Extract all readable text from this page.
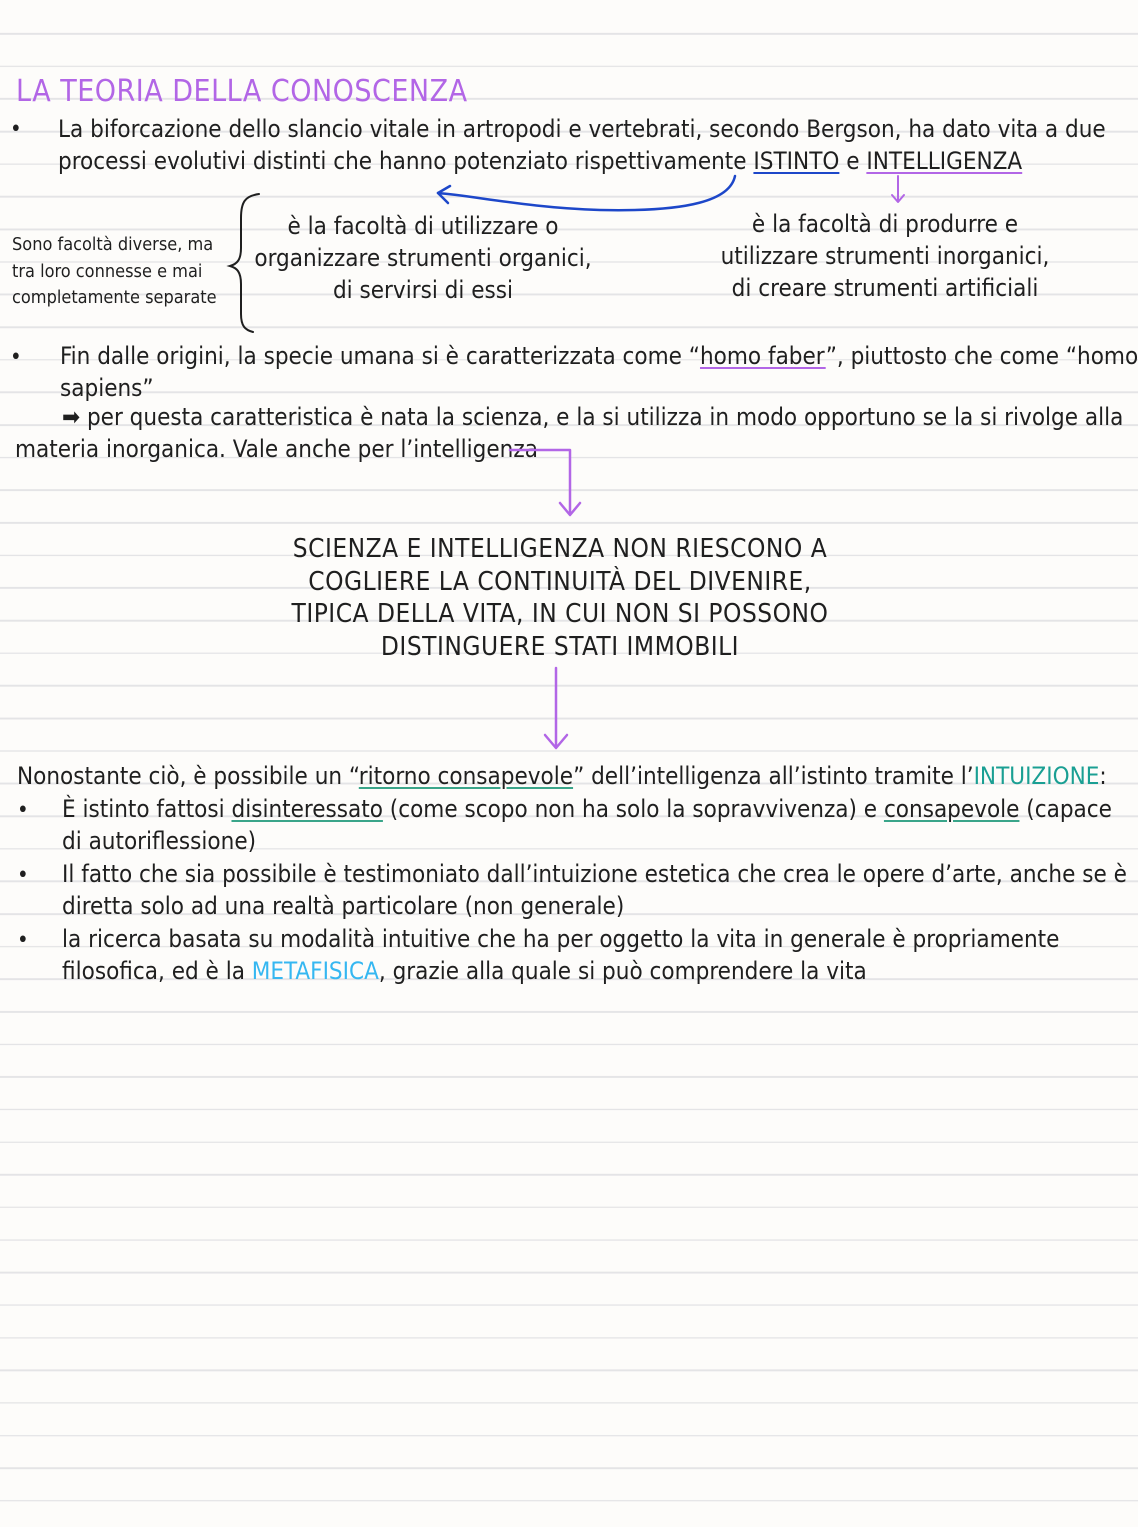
LA TEORIA DELLA CONOSCENZA
• La biforcazione dello slancio vitale in artropodi e vertebrati, secondo Bergson, ha dato vita a due
processi evolutivi distinti che hanno potenziato rispettivamente ISTINTO e INTELLIGENZA
Sono facoltà diverse, ma
tra loro connesse e mai
completamente separate
è la facoltà di utilizzare o
organizzare strumenti organici,
di servirsi di essi
è la facoltà di produrre e
utilizzare strumenti inorganici,
di creare strumenti artificiali
• Fin dalle origini, la specie umana si è caratterizzata come “homo faber”, piuttosto che come “homo
sapiens”
➡ per questa caratteristica è nata la scienza, e la si utilizza in modo opportuno se la si rivolge alla
materia inorganica. Vale anche per l’intelligenza
SCIENZA E INTELLIGENZA NON RIESCONO A
COGLIERE LA CONTINUITÀ DEL DIVENIRE,
TIPICA DELLA VITA, IN CUI NON SI POSSONO
DISTINGUERE STATI IMMOBILI
Nonostante ciò, è possibile un “ritorno consapevole” dell’intelligenza all’istinto tramite l’INTUIZIONE:
• È istinto fattosi disinteressato (come scopo non ha solo la sopravvivenza) e consapevole (capace
di autoriflessione)
• Il fatto che sia possibile è testimoniato dall’intuizione estetica che crea le opere d’arte, anche se è
diretta solo ad una realtà particolare (non generale)
• la ricerca basata su modalità intuitive che ha per oggetto la vita in generale è propriamente
filosofica, ed è la METAFISICA, grazie alla quale si può comprendere la vita
